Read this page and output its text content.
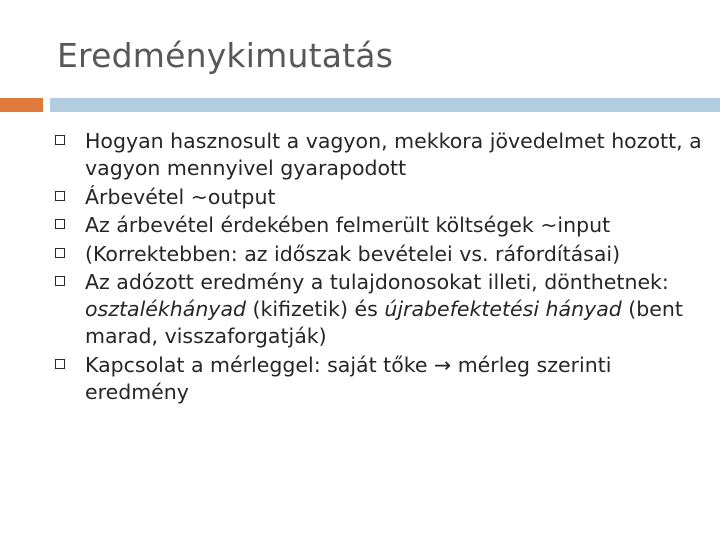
Eredménykimutatás
Hogyan hasznosult a vagyon, mekkora jövedelmet hozott, a vagyon mennyivel gyarapodott
Árbevétel ~output
Az árbevétel érdekében felmerült költségek ~input
(Korrektebben: az időszak bevételei vs. ráfordításai)
Az adózott eredmény a tulajdonosokat illeti, dönthetnek: osztalékhányad (kifizetik) és újrabefektetési hányad (bent marad, visszaforgatják)
Kapcsolat a mérleggel: saját tőke → mérleg szerinti eredmény
